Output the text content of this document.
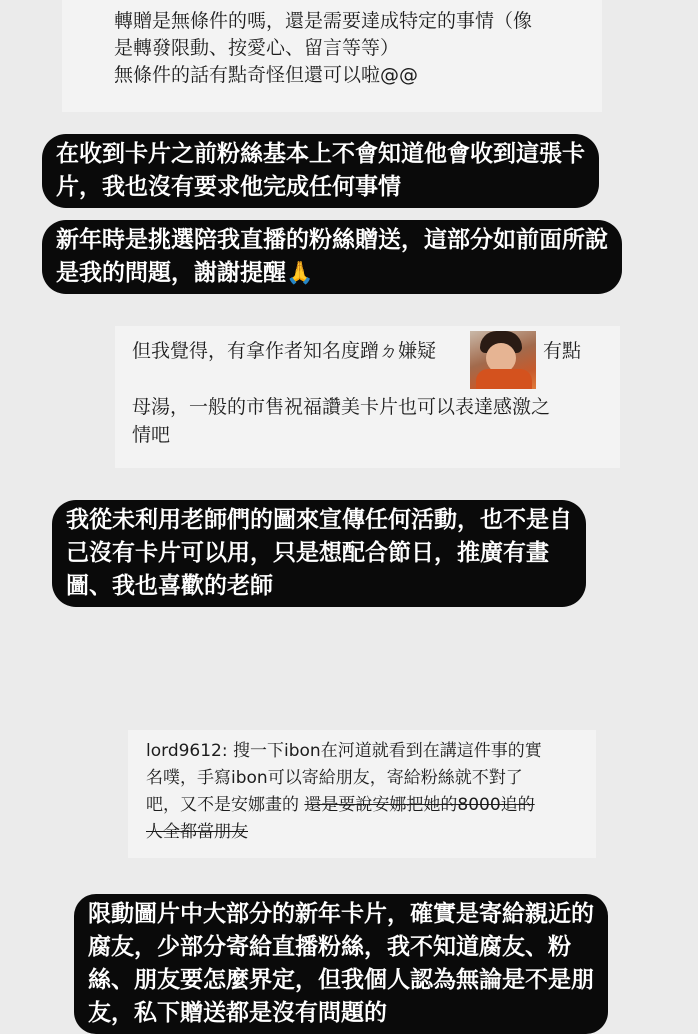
轉贈是無條件的嗎，還是需要達成特定的事情（像
是轉發限動、按愛心、留言等等）
無條件的話有點奇怪但還可以啦@@
在收到卡片之前粉絲基本上不會知道他會收到這張卡
片，我也沒有要求他完成任何事情
新年時是挑選陪我直播的粉絲贈送，這部分如前面所說
是我的問題，謝謝提醒🙏
但我覺得，有拿作者知名度蹭ㄉ嫌疑	有點
母湯，一般的市售祝福讚美卡片也可以表達感激之
情吧
我從未利用老師們的圖來宣傳任何活動，也不是自
己沒有卡片可以用，只是想配合節日，推廣有畫
圖、我也喜歡的老師
lord9612: 搜一下ibon在河道就看到在講這件事的實
名噗，手寫ibon可以寄給朋友，寄給粉絲就不對了
吧，又不是安娜畫的 還是要說安娜把她的8000追的
人全都當朋友
限動圖片中大部分的新年卡片，確實是寄給親近的
腐友，少部分寄給直播粉絲，我不知道腐友、粉
絲、朋友要怎麼界定，但我個人認為無論是不是朋
友，私下贈送都是沒有問題的
